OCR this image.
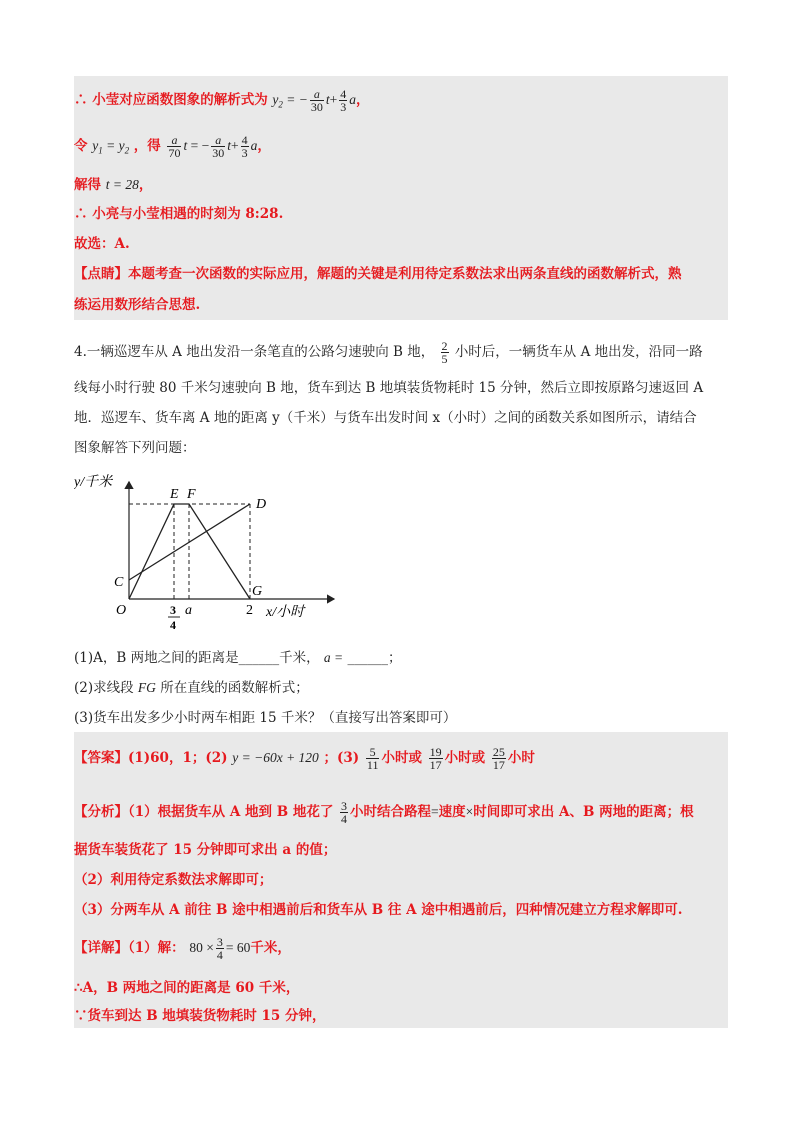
∴ 小莹对应函数图象的解析式为 $y_2$ = − $\frac{a}{30} t+ \frac{4}{3}$ a，
令 $y_1 = y_2$ ，得 $\frac{a}{70}$ t = − $\frac{a}{30} t+ \frac{4}{3}$ a，
解得 t = 28，
∴ 小亮与小莹相遇的时刻为 8:28.
故选：A.
【点睛】本题考查一次函数的实际应用，解题的关键是利用待定系数法求出两条直线的函数解析式，熟
练运用数形结合思想.
4.一辆巡逻车从 A 地出发沿一条笔直的公路匀速驶向 B 地， $\frac{2}{5}$ 小时后，一辆货车从 A 地出发，沿同一路
线每小时行驶 80 千米匀速驶向 B 地，货车到达 B 地填装货物耗时 15 分钟，然后立即按原路匀速返回 A
地．巡逻车、货车离 A 地的距离 y（千米）与货车出发时间 x（小时）之间的函数关系如图所示，请结合
图象解答下列问题：
y/千米
x/小时
O
C
D
E F
G
3
4
a	2
(1)A，B 两地之间的距离是______千米， a = ______；
(2)求线段 FG 所在直线的函数解析式；
(3)货车出发多少小时两车相距 15 千米？（直接写出答案即可）
【答案】(1)60，1；(2) y = −60x + 120 ；$(3) \frac{5}{11}$ 小时或 $\frac{19}{17}$ 小时或 $\frac{25}{17}$ 小时
【分析】（1）根据货车从 A 地到 B 地花了 $\frac{3}{4}$ 小时结合路程=速度×时间即可求出 A、B 两地的距离；根
据货车装货花了 15 分钟即可求出 a 的值；
（2）利用待定系数法求解即可；
（3）分两车从 A 前往 B 途中相遇前后和货车从 B 往 A 途中相遇前后，四种情况建立方程求解即可.
【详解】（1）解： $80 \times \frac{3}{4} = 60$千米，
∴A，B 两地之间的距离是 60 千米，
∵货车到达 B 地填装货物耗时 15 分钟，
